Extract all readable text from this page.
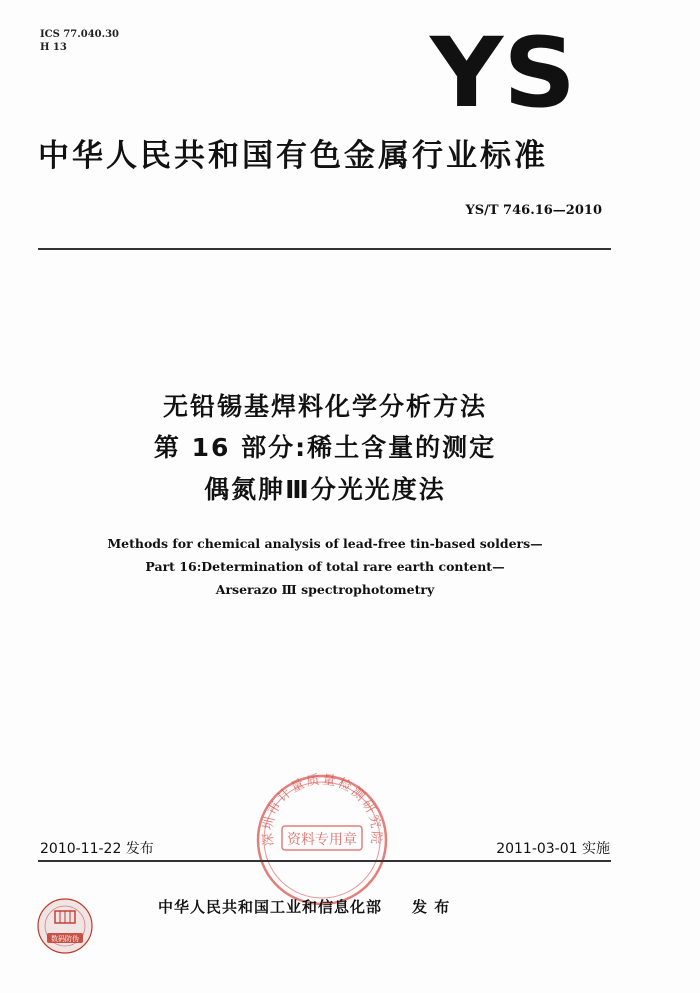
ICS 77.040.30
H 13	YS
中华人民共和国有色金属行业标准
YS/T 746.16—2010
无铅锡基焊料化学分析方法
第 16 部分:稀土含量的测定
偶氮胂Ⅲ分光光度法
Methods for chemical analysis of lead-free tin-based solders—
Part 16:Determination of total rare earth content—
Arserazo Ⅲ spectrophotometry
深圳市计量质量检测研究院
资料专用章
2010-11-22 发布	2011-03-01 实施
数码防伪
中华人民共和国工业和信息化部 发 布
